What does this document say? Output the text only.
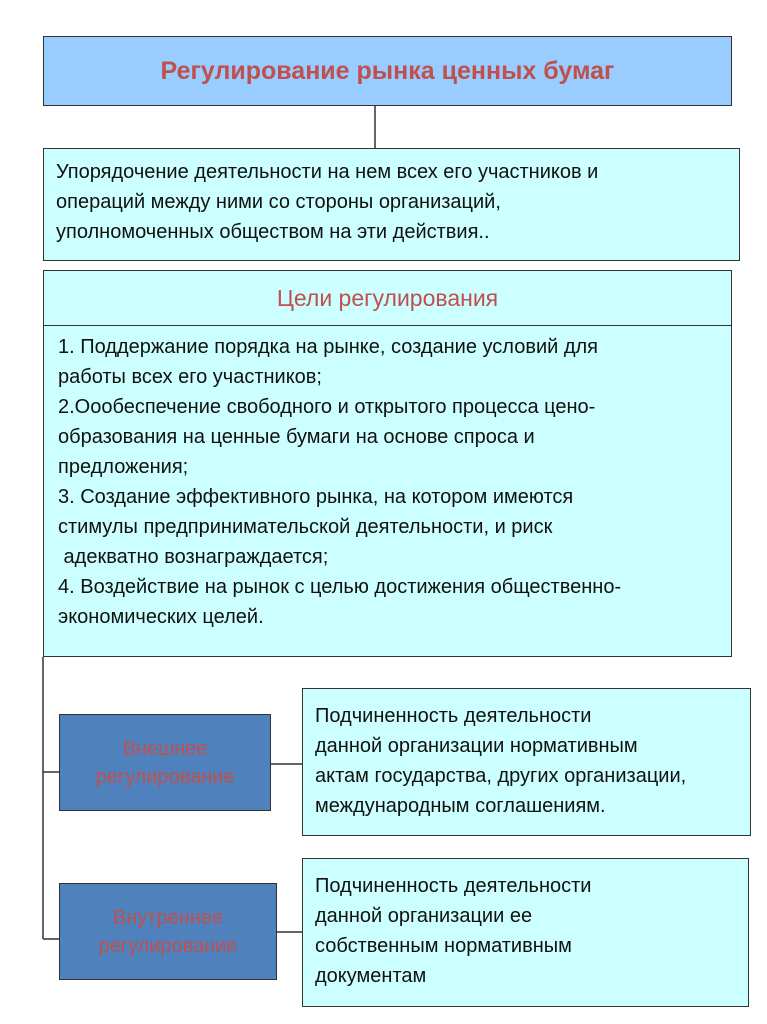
Регулирование рынка ценных бумаг
Упорядочение деятельности на нем всех его участников и
операций между ними со стороны организаций,
уполномоченных обществом на эти действия..
Цели регулирования
1. Поддержание порядка на рынке, создание условий для
работы всех его участников;
2.Оообеспечение свободного и открытого процесса цено-
образования на ценные бумаги на основе спроса и
предложения;
3. Создание эффективного рынка, на котором имеются
стимулы предпринимательской деятельности, и риск
адекватно вознаграждается;
4. Воздействие на рынок с целью достижения общественно-
экономических целей.
Внешнее
регулирование
Подчиненность деятельности
данной организации нормативным
актам государства, других организации,
международным соглашениям.
Внутреннее
регулирование
Подчиненность деятельности
данной организации ее
собственным нормативным
документам
